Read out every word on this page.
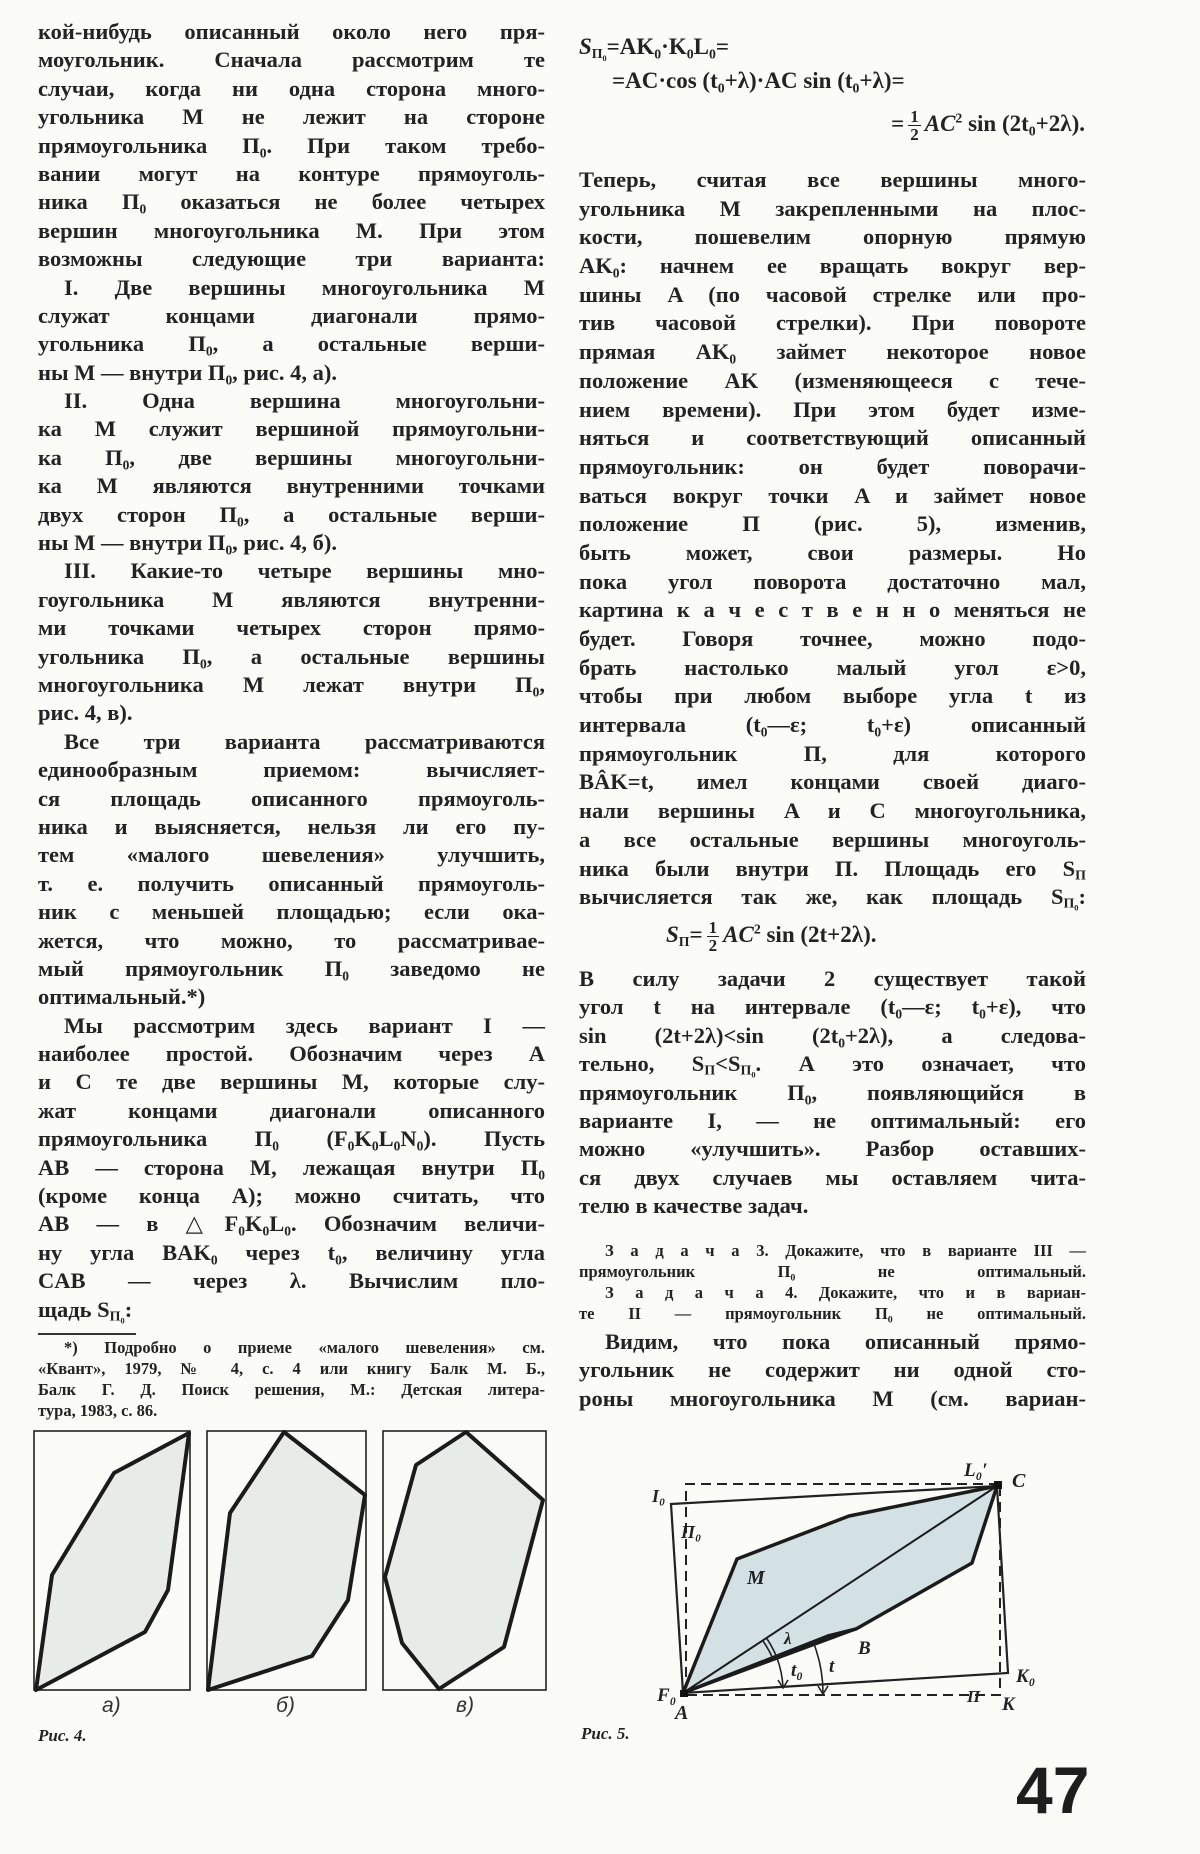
кой-нибудь описанный около него пря-
моугольник. Сначала рассмотрим те
случаи, когда ни одна сторона много-
угольника M не лежит на стороне
прямоугольника П₀. При таком требо-
вании могут на контуре прямоуголь-
ника П₀ оказаться не более четырех
вершин многоугольника M. При этом
возможны следующие три варианта:
I. Две вершины многоугольника M
служат концами диагонали прямо-
угольника П₀, а остальные верши-
ны M — внутри П₀, рис. 4, а).
II. Одна вершина многоугольни-
ка M служит вершиной прямоугольни-
ка П₀, две вершины многоугольни-
ка M являются внутренними точками
двух сторон П₀, а остальные верши-
ны M — внутри П₀, рис. 4, б).
III. Какие-то четыре вершины мно-
гоугольника M являются внутренни-
ми точками четырех сторон прямо-
угольника П₀, а остальные вершины
многоугольника M лежат внутри П₀,
рис. 4, в).
Все три варианта рассматриваются
единообразным приемом: вычисляет-
ся площадь описанного прямоуголь-
ника и выясняется, нельзя ли его пу-
тем «малого шевеления» улучшить,
т. е. получить описанный прямоуголь-
ник с меньшей площадью; если ока-
жется, что можно, то рассматривае-
мый прямоугольник П₀ заведомо не
оптимальный.*)
Мы рассмотрим здесь вариант I —
наиболее простой. Обозначим через A
и C те две вершины M, которые слу-
жат концами диагонали описанного
прямоугольника П₀ (F₀K₀L₀N₀). Пусть
AB — сторона M, лежащая внутри П₀
(кроме конца A); можно считать, что
AB — в △F₀K₀L₀. Обозначим величи-
ну угла BAK₀ через t₀, величину угла
CAB — через λ. Вычислим пло-
щадь $S_{П_0}$:
*) Подробно о приеме «малого шевеления» см.
«Квант», 1979, № 4, с. 4 или книгу Балк М. Б.,
Балк Г. Д. Поиск решения, М.: Детская литера-
тура, 1983, с. 86.
а)	б)	в)
Рис. 4.
$S_{П_0}=AK_0\cdot K_0L_0=$
=AC·cos (t₀+λ)·AC sin (t₀+λ)=
= $\frac{1}{2} AC^2$ sin (2t₀+2λ).
Теперь, считая все вершины много-
угольника M закрепленными на плос-
кости, пошевелим опорную прямую
AK₀: начнем ее вращать вокруг вер-
шины A (по часовой стрелке или про-
тив часовой стрелки). При повороте
прямая AK₀ займет некоторое новое
положение AK (изменяющееся с тече-
нием времени). При этом будет изме-
няться и соответствующий описанный
прямоугольник: он будет поворачи-
ваться вокруг точки A и займет новое
положение П (рис. 5), изменив,
быть может, свои размеры. Но
пока угол поворота достаточно мал,
картина к а ч е с т в е н н о меняться не
будет. Говоря точнее, можно подо-
брать настолько малый угол ε>0,
чтобы при любом выборе угла t из
интервала (t₀—ε; t₀+ε) описанный
прямоугольник П, для которого
BÂK=t, имел концами своей диаго-
нали вершины A и C многоугольника,
а все остальные вершины многоуголь-
ника были внутри П. Площадь его $S_П$
вычисляется так же, как площадь $S_{П_0}$:
$S_П= \frac{1}{2} AC^2$ sin (2t+2λ).
В силу задачи 2 существует такой
угол t на интервале (t₀—ε; t₀+ε), что
sin (2t+2λ)<sin (2t₀+2λ), а следова-
тельно, $S_П<S_{П_0}$. А это означает, что
прямоугольник П₀, появляющийся в
варианте I, — не оптимальный: его
можно «улучшить». Разбор оставших-
ся двух случаев мы оставляем чита-
телю в качестве задач.
З а д а ч а 3. Докажите, что в варианте III —
прямоугольник П₀ не оптимальный.
З а д а ч а 4. Докажите, что и в вариан-
те II — прямоугольник П₀ не оптимальный.
Видим, что пока описанный прямо-
угольник не содержит ни одной сто-
роны многоугольника M (см. вариан-
M
λ	B
t₀ t
F₀
A
П K
K₀
I₀
П₀
L₀′ C
Рис. 5.
47
